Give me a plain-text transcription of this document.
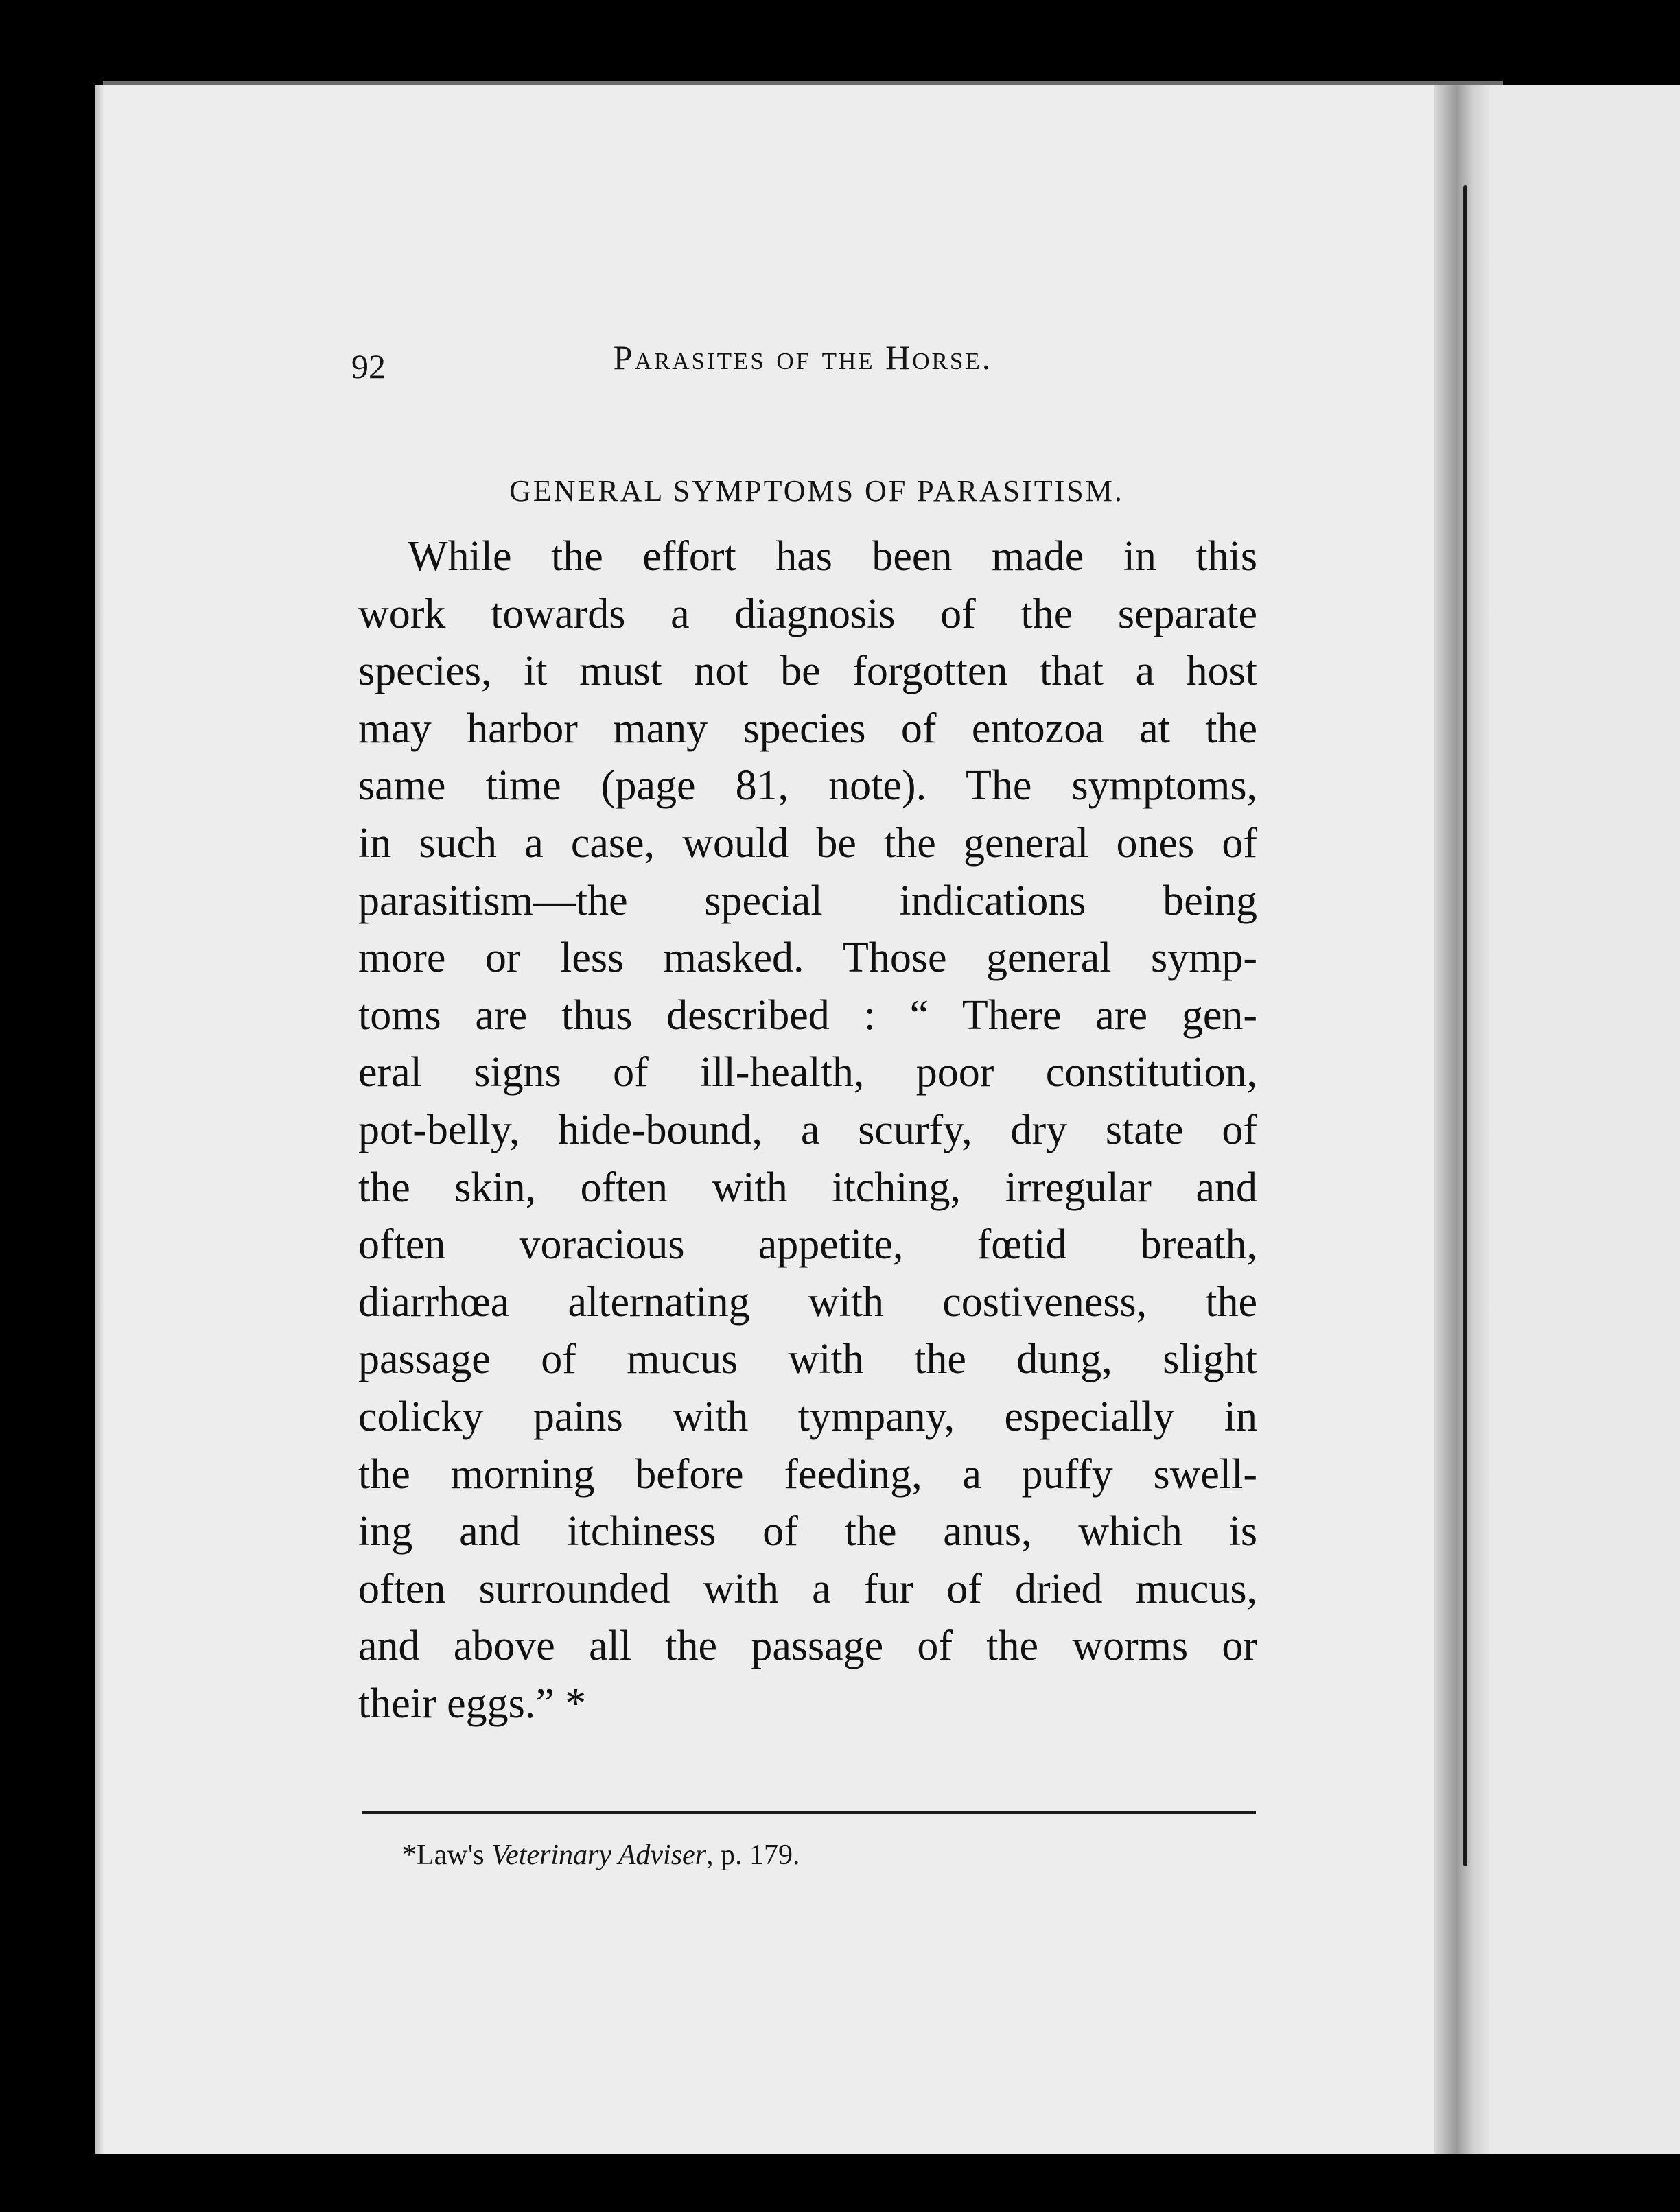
92	Parasites of the Horse.

GENERAL SYMPTOMS OF PARASITISM.

While the effort has been made in this
work towards a diagnosis of the separate
species, it must not be forgotten that a host
may harbor many species of entozoa at the
same time (page 81, note). The symptoms,
in such a case, would be the general ones of
parasitism—the special indications being
more or less masked. Those general symp-
toms are thus described : “ There are gen-
eral signs of ill-health, poor constitution,
pot-belly, hide-bound, a scurfy, dry state of
the skin, often with itching, irregular and
often voracious appetite, fœtid breath,
diarrhœa alternating with costiveness, the
passage of mucus with the dung, slight
colicky pains with tympany, especially in
the morning before feeding, a puffy swell-
ing and itchiness of the anus, which is
often surrounded with a fur of dried mucus,
and above all the passage of the worms or
their eggs.” *

*Law's Veterinary Adviser, p. 179.
